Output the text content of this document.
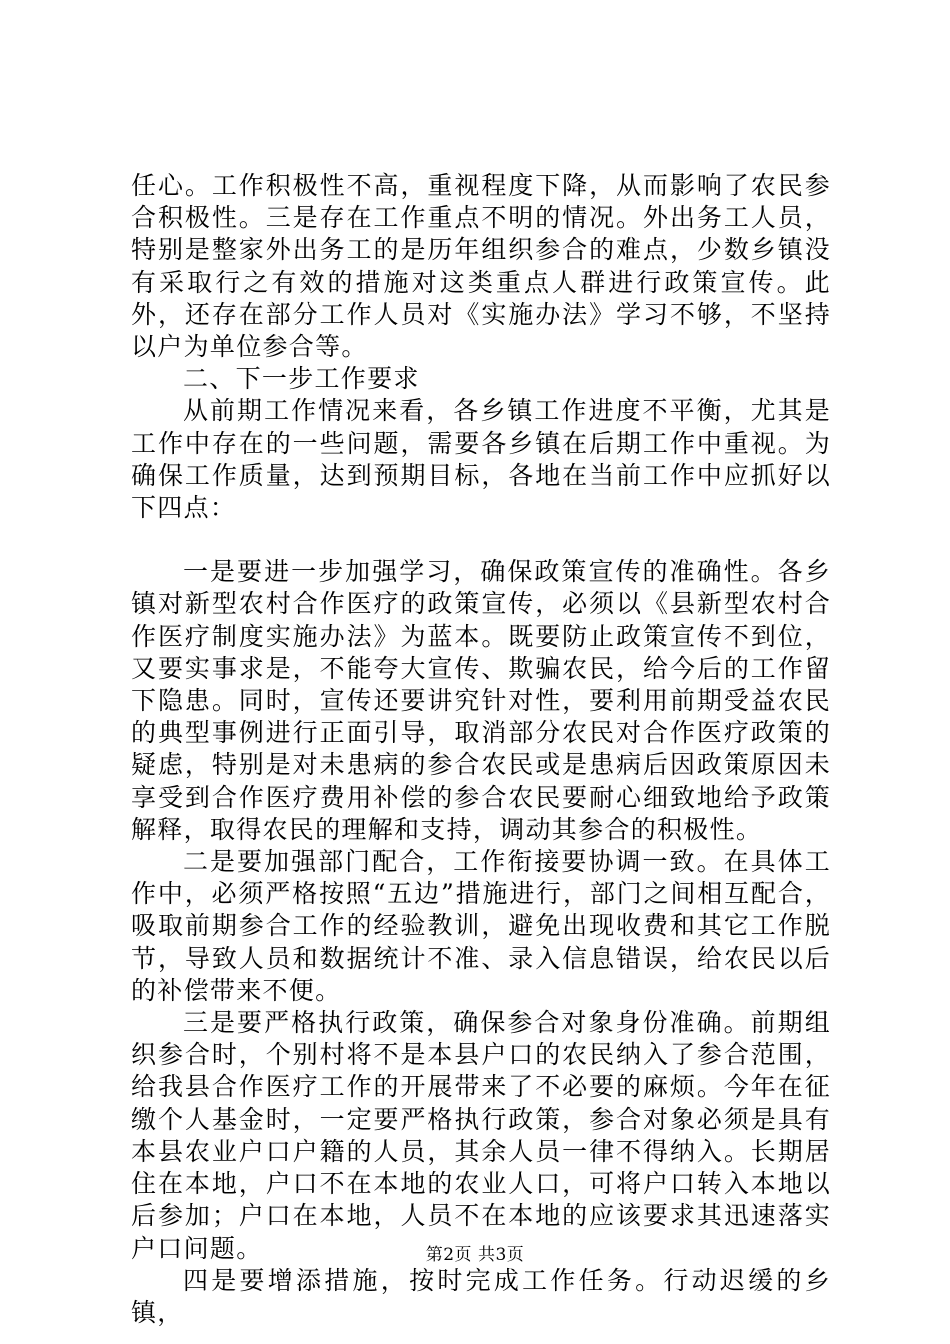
任心。工作积极性不高，重视程度下降，从而影响了农民参合积极性。三是存在工作重点不明的情况。外出务工人员，特别是整家外出务工的是历年组织参合的难点，少数乡镇没有采取行之有效的措施对这类重点人群进行政策宣传。此外，还存在部分工作人员对《实施办法》学习不够，不坚持以户为单位参合等。

二、下一步工作要求

从前期工作情况来看，各乡镇工作进度不平衡，尤其是工作中存在的一些问题，需要各乡镇在后期工作中重视。为确保工作质量，达到预期目标，各地在当前工作中应抓好以下四点：

一是要进一步加强学习，确保政策宣传的准确性。各乡镇对新型农村合作医疗的政策宣传，必须以《县新型农村合作医疗制度实施办法》为蓝本。既要防止政策宣传不到位，又要实事求是，不能夸大宣传、欺骗农民，给今后的工作留下隐患。同时，宣传还要讲究针对性，要利用前期受益农民的典型事例进行正面引导，取消部分农民对合作医疗政策的疑虑，特别是对未患病的参合农民或是患病后因政策原因未享受到合作医疗费用补偿的参合农民要耐心细致地给予政策解释，取得农民的理解和支持，调动其参合的积极性。

二是要加强部门配合，工作衔接要协调一致。在具体工作中，必须严格按照“五边”措施进行，部门之间相互配合，吸取前期参合工作的经验教训，避免出现收费和其它工作脱节，导致人员和数据统计不准、录入信息错误，给农民以后的补偿带来不便。

三是要严格执行政策，确保参合对象身份准确。前期组织参合时，个别村将不是本县户口的农民纳入了参合范围，给我县合作医疗工作的开展带来了不必要的麻烦。今年在征缴个人基金时，一定要严格执行政策，参合对象必须是具有本县农业户口户籍的人员，其余人员一律不得纳入。长期居住在本地，户口不在本地的农业人口，可将户口转入本地以后参加；户口在本地，人员不在本地的应该要求其迅速落实户口问题。

四是要增添措施，按时完成工作任务。行动迟缓的乡镇，

第2页 共3页
